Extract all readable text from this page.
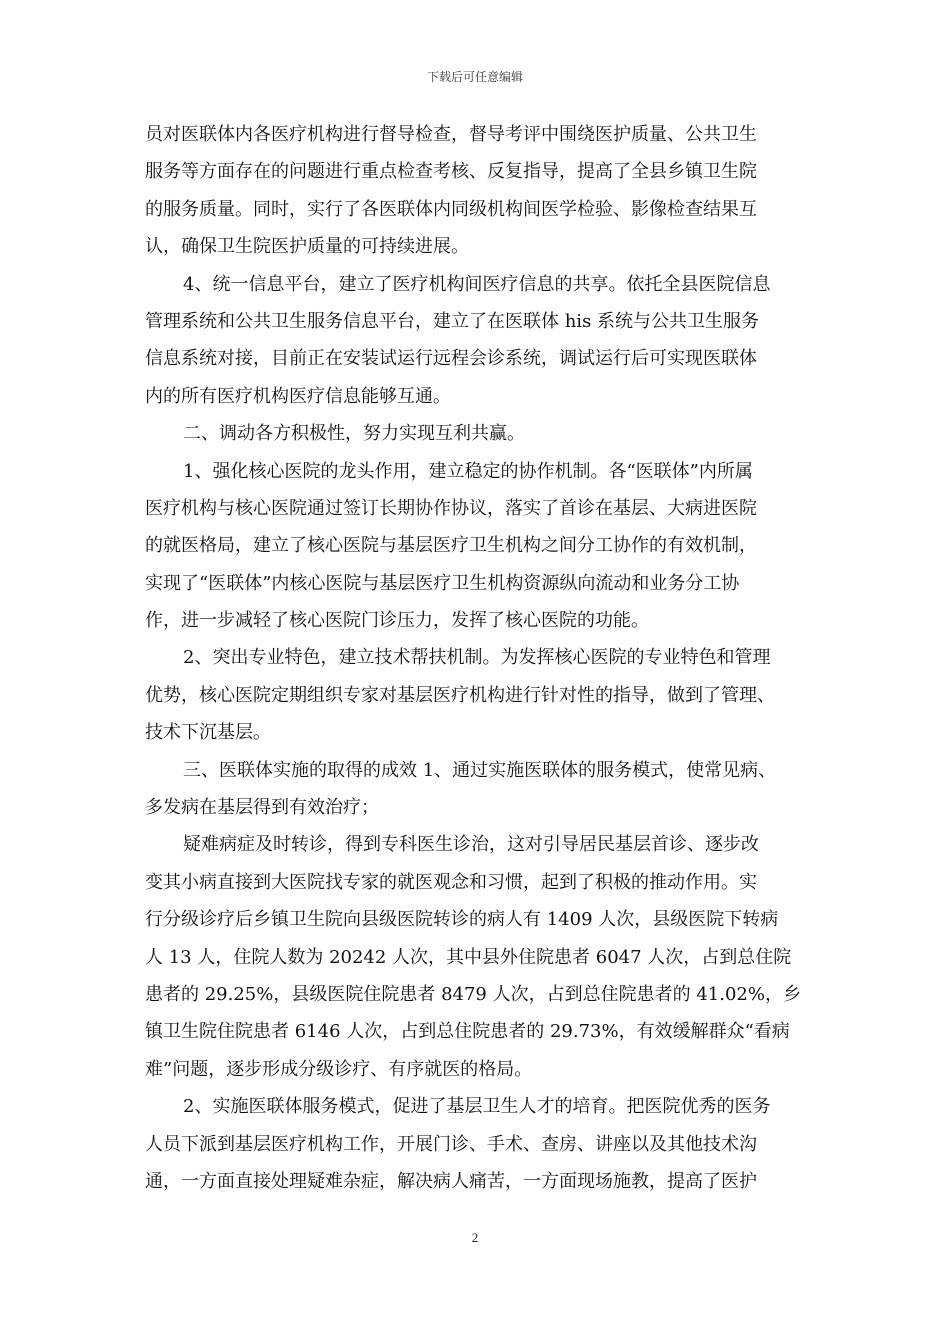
下载后可任意编辑
员对医联体内各医疗机构进行督导检查，督导考评中围绕医护质量、公共卫生
服务等方面存在的问题进行重点检查考核、反复指导，提高了全县乡镇卫生院
的服务质量。同时，实行了各医联体内同级机构间医学检验、影像检查结果互
认，确保卫生院医护质量的可持续进展。
4、统一信息平台，建立了医疗机构间医疗信息的共享。依托全县医院信息
管理系统和公共卫生服务信息平台，建立了在医联体 his 系统与公共卫生服务
信息系统对接，目前正在安装试运行远程会诊系统，调试运行后可实现医联体
内的所有医疗机构医疗信息能够互通。
二、调动各方积极性，努力实现互利共赢。
1、强化核心医院的龙头作用，建立稳定的协作机制。各“医联体”内所属
医疗机构与核心医院通过签订长期协作协议，落实了首诊在基层、大病进医院
的就医格局，建立了核心医院与基层医疗卫生机构之间分工协作的有效机制，
实现了“医联体”内核心医院与基层医疗卫生机构资源纵向流动和业务分工协
作，进一步减轻了核心医院门诊压力，发挥了核心医院的功能。
2、突出专业特色，建立技术帮扶机制。为发挥核心医院的专业特色和管理
优势，核心医院定期组织专家对基层医疗机构进行针对性的指导，做到了管理、
技术下沉基层。
三、医联体实施的取得的成效 1、通过实施医联体的服务模式，使常见病、
多发病在基层得到有效治疗；
疑难病症及时转诊，得到专科医生诊治，这对引导居民基层首诊、逐步改
变其小病直接到大医院找专家的就医观念和习惯，起到了积极的推动作用。实
行分级诊疗后乡镇卫生院向县级医院转诊的病人有 1409 人次，县级医院下转病
人 13 人，住院人数为 20242 人次，其中县外住院患者 6047 人次，占到总住院
患者的 29.25%，县级医院住院患者 8479 人次，占到总住院患者的 41.02%，乡
镇卫生院住院患者 6146 人次，占到总住院患者的 29.73%，有效缓解群众“看病
难”问题，逐步形成分级诊疗、有序就医的格局。
2、实施医联体服务模式，促进了基层卫生人才的培育。把医院优秀的医务
人员下派到基层医疗机构工作，开展门诊、手术、查房、讲座以及其他技术沟
通，一方面直接处理疑难杂症，解决病人痛苦，一方面现场施教，提高了医护
2
